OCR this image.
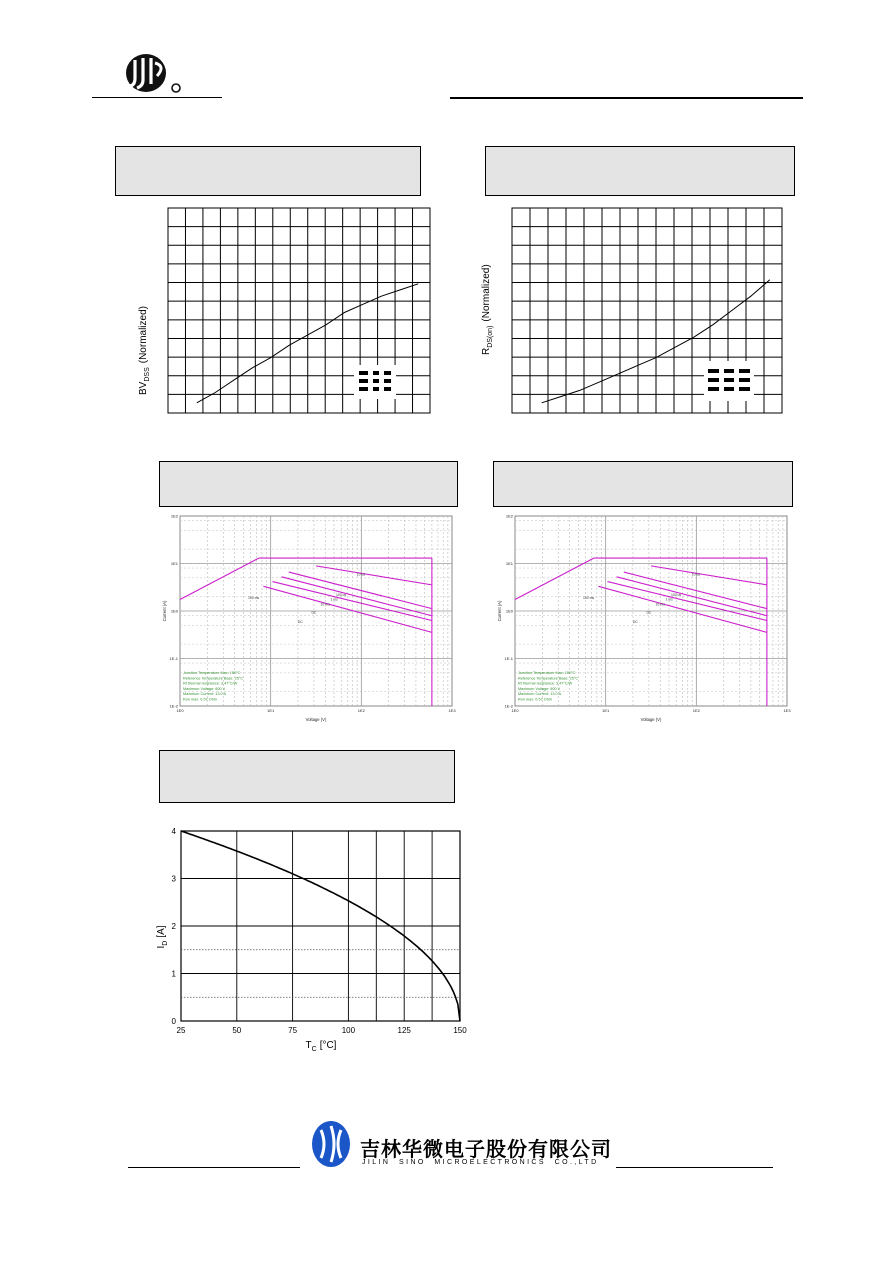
$BV_{DSS}(Normalized)$	$R_{DS(on)}(Normalized)$
10 us
100 us
1 ms
10 ms
DC
100 ms
DC
1E0	1E1	1E2	1E3
1E2
1E1
1E0
1E-1
1E-2
Voltage (V)
Current (A)
Junction Temperature Max: 150°C
Reference Temperature Base: 25°C
Rt thermal resistance: 3.47°C/W
Maximum Voltage: 600 V
Maximum Current: 13.0 A
Ron max: 0.57 Ohm
10 us
100 us
1 ms
10 ms
DC
100 ms
DC
1E0	1E1	1E2	1E3
1E2
1E1
1E0
1E-1
1E-2
Voltage (V)
Current (A)
Junction Temperature Max: 150°C
Reference Temperature Base: 25°C
Rt thermal resistance: 3.47°C/W
Maximum Voltage: 600 V
Maximum Current: 13.0 A
Ron max: 0.57 Ohm
25	50	75	100	125	150
0
1
2
3
4
$I_D[A]$
$T_C$ [°C]
吉林华微电子股份有限公司
JILIN  SINO  MICROELECTRONICS  CO.,LTD
